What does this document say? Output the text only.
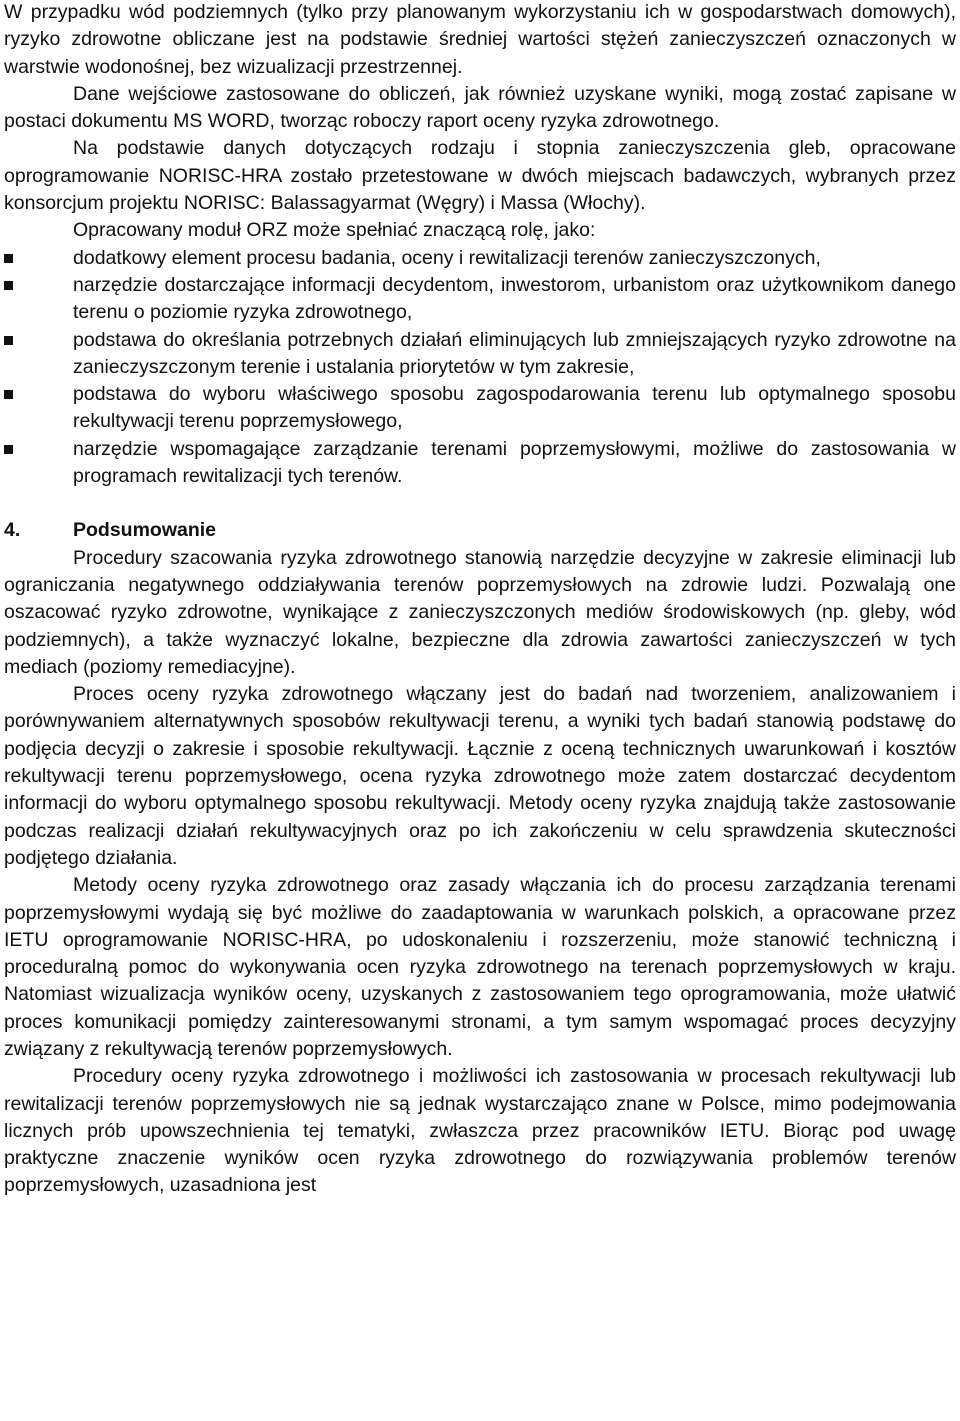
W przypadku wód podziemnych (tylko przy planowanym wykorzystaniu ich w gospodarstwach domowych), ryzyko zdrowotne obliczane jest na podstawie średniej wartości stężeń zanieczyszczeń oznaczonych w warstwie wodonośnej, bez wizualizacji przestrzennej.

Dane wejściowe zastosowane do obliczeń, jak również uzyskane wyniki, mogą zostać zapisane w postaci dokumentu MS WORD, tworząc roboczy raport oceny ryzyka zdrowotnego.

Na podstawie danych dotyczących rodzaju i stopnia zanieczyszczenia gleb, opracowane oprogramowanie NORISC-HRA zostało przetestowane w dwóch miejscach badawczych, wybranych przez konsorcjum projektu NORISC: Balassagyarmat (Węgry) i Massa (Włochy).

Opracowany moduł ORZ może spełniać znaczącą rolę, jako:

dodatkowy element procesu badania, oceny i rewitalizacji terenów zanieczyszczonych,
narzędzie dostarczające informacji decydentom, inwestorom, urbanistom oraz użytkownikom danego terenu o poziomie ryzyka zdrowotnego,
podstawa do określania potrzebnych działań eliminujących lub zmniejszających ryzyko zdrowotne na zanieczyszczonym terenie i ustalania priorytetów w tym zakresie,
podstawa do wyboru właściwego sposobu zagospodarowania terenu lub optymalnego sposobu rekultywacji terenu poprzemysłowego,
narzędzie wspomagające zarządzanie terenami poprzemysłowymi, możliwe do zastosowania w programach rewitalizacji tych terenów.
4.	Podsumowanie

Procedury szacowania ryzyka zdrowotnego stanowią narzędzie decyzyjne w zakresie eliminacji lub ograniczania negatywnego oddziaływania terenów poprzemysłowych na zdrowie ludzi. Pozwalają one oszacować ryzyko zdrowotne, wynikające z zanieczyszczonych mediów środowiskowych (np. gleby, wód podziemnych), a także wyznaczyć lokalne, bezpieczne dla zdrowia zawartości zanieczyszczeń w tych mediach (poziomy remediacyjne).

Proces oceny ryzyka zdrowotnego włączany jest do badań nad tworzeniem, analizowaniem i porównywaniem alternatywnych sposobów rekultywacji terenu, a wyniki tych badań stanowią podstawę do podjęcia decyzji o zakresie i sposobie rekultywacji. Łącznie z oceną technicznych uwarunkowań i kosztów rekultywacji terenu poprzemysłowego, ocena ryzyka zdrowotnego może zatem dostarczać decydentom informacji do wyboru optymalnego sposobu rekultywacji. Metody oceny ryzyka znajdują także zastosowanie podczas realizacji działań rekultywacyjnych oraz po ich zakończeniu w celu sprawdzenia skuteczności podjętego działania.

Metody oceny ryzyka zdrowotnego oraz zasady włączania ich do procesu zarządzania terenami poprzemysłowymi wydają się być możliwe do zaadaptowania w warunkach polskich, a opracowane przez IETU oprogramowanie NORISC-HRA, po udoskonaleniu i rozszerzeniu, może stanowić techniczną i proceduralną pomoc do wykonywania ocen ryzyka zdrowotnego na terenach poprzemysłowych w kraju. Natomiast wizualizacja wyników oceny, uzyskanych z zastosowaniem tego oprogramowania, może ułatwić proces komunikacji pomiędzy zainteresowanymi stronami, a tym samym wspomagać proces decyzyjny związany z rekultywacją terenów poprzemysłowych.

Procedury oceny ryzyka zdrowotnego i możliwości ich zastosowania w procesach rekultywacji lub rewitalizacji terenów poprzemysłowych nie są jednak wystarczająco znane w Polsce, mimo podejmowania licznych prób upowszechnienia tej tematyki, zwłaszcza przez pracowników IETU. Biorąc pod uwagę praktyczne znaczenie wyników ocen ryzyka zdrowotnego do rozwiązywania problemów terenów poprzemysłowych, uzasadniona jest
